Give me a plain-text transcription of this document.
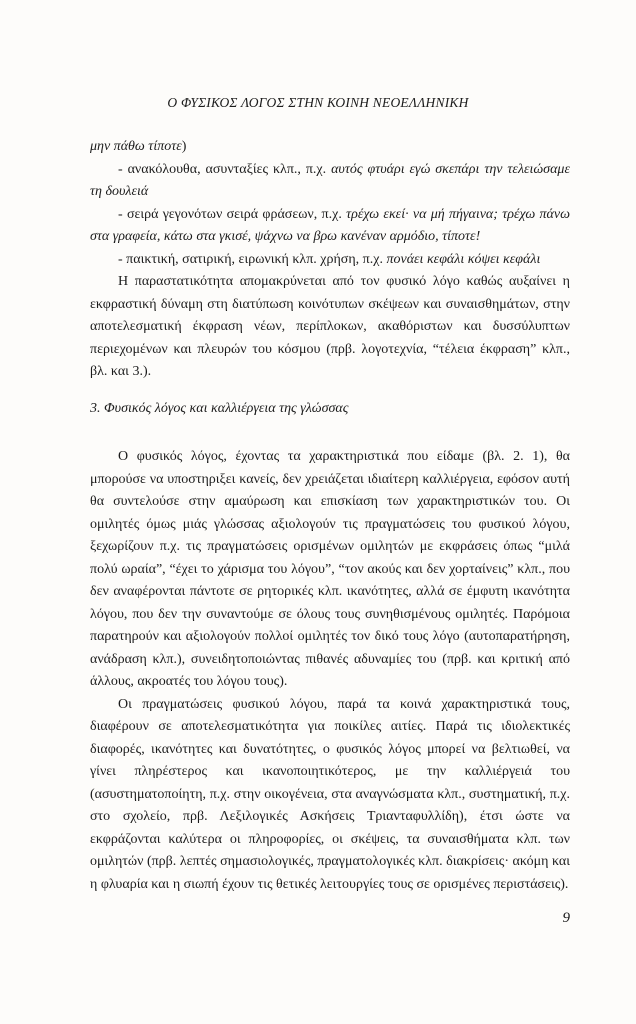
Ο ΦΥΣΙΚΟΣ ΛΟΓΟΣ ΣΤΗΝ ΚΟΙΝΗ ΝΕΟΕΛΛΗΝΙΚΗ

μην πάθω τίποτε)

- ανακόλουθα, ασυνταξίες κλπ., π.χ. αυτός φτυάρι εγώ σκεπάρι την τελειώσαμε τη δουλειά

- σειρά γεγονότων σειρά φράσεων, π.χ. τρέχω εκεί· να μή πήγαινα; τρέχω πάνω στα γραφεία, κάτω στα γκισέ, ψάχνω να βρω κανέναν αρμόδιο, τίποτε!

- παικτική, σατιρική, ειρωνική κλπ. χρήση, π.χ. πονάει κεφάλι κόψει κεφάλι

Η παραστατικότητα απομακρύνεται από τον φυσικό λόγο καθώς αυξαίνει η εκφραστική δύναμη στη διατύπωση κοινότυπων σκέψεων και συναισθημάτων, στην αποτελεσματική έκφραση νέων, περίπλοκων, ακαθόριστων και δυσσύλυπτων περιεχομένων και πλευρών του κόσμου (πρβ. λογοτεχνία, “τέλεια έκφραση” κλπ., βλ. και 3.).

3. Φυσικός λόγος και καλλιέργεια της γλώσσας

Ο φυσικός λόγος, έχοντας τα χαρακτηριστικά που είδαμε (βλ. 2. 1), θα μπορούσε να υποστηριξει κανείς, δεν χρειάζεται ιδιαίτερη καλλιέργεια, εφόσον αυτή θα συντελούσε στην αμαύρωση και επισκίαση των χαρακτηριστικών του. Οι ομιλητές όμως μιάς γλώσσας αξιολογούν τις πραγματώσεις του φυσικού λόγου, ξεχωρίζουν π.χ. τις πραγματώσεις ορισμένων ομιλητών με εκφράσεις όπως “μιλά πολύ ωραία”, “έχει το χάρισμα του λόγου”, “τον ακούς και δεν χορταίνεις” κλπ., που δεν αναφέρονται πάντοτε σε ρητορικές κλπ. ικανότητες, αλλά σε έμφυτη ικανότητα λόγου, που δεν την συναντούμε σε όλους τους συνηθισμένους ομιλητές. Παρόμοια παρατηρούν και αξιολογούν πολλοί ομιλητές τον δικό τους λόγο (αυτοπαρατήρηση, ανάδραση κλπ.), συνειδητοποιώντας πιθανές αδυναμίες του (πρβ. και κριτική από άλλους, ακροατές του λόγου τους).

Οι πραγματώσεις φυσικού λόγου, παρά τα κοινά χαρακτηριστικά τους, διαφέρουν σε αποτελεσματικότητα για ποικίλες αιτίες. Παρά τις ιδιολεκτικές διαφορές, ικανότητες και δυνατότητες, ο φυσικός λόγος μπορεί να βελτιωθεί, να γίνει πληρέστερος και ικανοποιητικότερος, με την καλλιέργειά του (ασυστηματοποίητη, π.χ. στην οικογένεια, στα αναγνώσματα κλπ., συστηματική, π.χ. στο σχολείο, πρβ. Λεξιλογικές Ασκήσεις Τριανταφυλλίδη), έτσι ώστε να εκφράζονται καλύτερα οι πληροφορίες, οι σκέψεις, τα συναισθήματα κλπ. των ομιλητών (πρβ. λεπτές σημασιολογικές, πραγματολογικές κλπ. διακρίσεις· ακόμη και η φλυαρία και η σιωπή έχουν τις θετικές λειτουργίες τους σε ορισμένες περιστάσεις).

9
